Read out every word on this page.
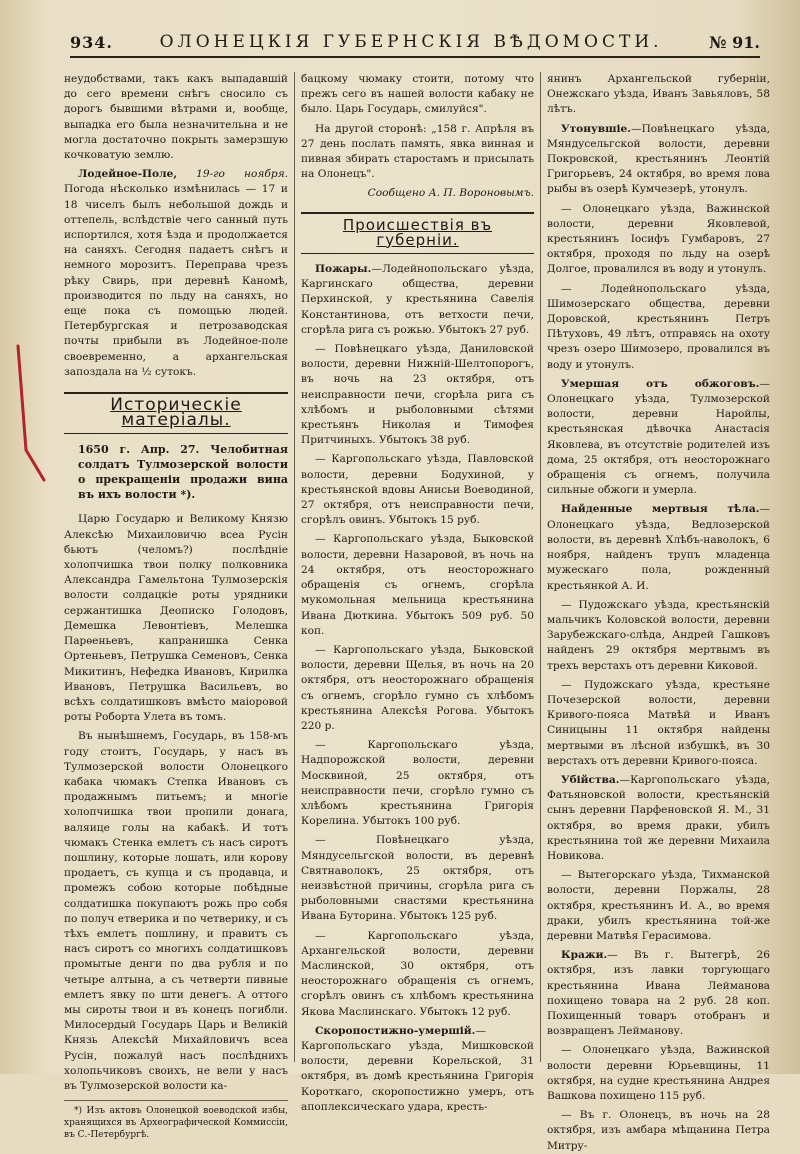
934.	ОЛОНЕЦКІЯ ГУБЕРНСКІЯ ВѢДОМОСТИ.	№ 91.

неудобствами, такъ какъ выпадавшій до сего времени снѣгъ сносило съ дорогъ бывшими вѣтрами и, вообще, выпадка его была незначительна и не могла достаточно покрыть замерзшую кочковатую землю.

Лодейное-Поле, 19-го ноября. Погода нѣсколько измѣнилась — 17 и 18 чиселъ былъ небольшой дождь и оттепель, вслѣдствіе чего санный путь испортился, хотя ѣзда и продолжается на саняхъ. Сегодня падаетъ снѣгъ и немного морозитъ. Переправа чрезъ рѣку Свирь, при деревнѣ Каномѣ, производится по льду на саняхъ, но еще пока съ помощью людей. Петербургская и петрозаводская почты прибыли въ Лодейное-поле своевременно, а архангельская запоздала на ½ сутокъ.

Историческіе матеріалы.

1650 г. Апр. 27. Челобитная солдатъ Тулмозерской волости о прекращеніи продажи вина въ ихъ волости *).

Царю Государю и Великому Князю Алексѣю Михаиловичю всеа Русін бьютъ (челомъ?) послѣдніе холопчишка твои полку полковника Александра Гамельтона Тулмозерскія волости солдацкіе роты урядники сержантишка Деописко Голодовъ, Демешка Левонтіевъ, Мелешка Парѳеньевъ, капранишка Сенка Ортеньевъ, Петрушка Семеновъ, Сенка Микитинъ, Нефедка Ивановъ, Кирилка Ивановъ, Петрушка Васильевъ, во всѣхъ солдатишковъ вмѣсто маіоровой роты Роборта Улета въ томъ.

Въ нынѣшнемъ, Государь, въ 158-мъ году стоитъ, Государь, у насъ въ Тулмозерской волости Олонецкого кабака чюмакъ Степка Ивановъ съ продажнымъ питьемъ; и многіе холопчишка твои пропили донага, валяице голы на кабакѣ. И тотъ чюмакъ Стенка емлетъ съ насъ сиротъ пошлину, которые лошать, или корову продаетъ, съ купца и съ продавца, и промежъ собою которые побѣдные солдатишка покупаютъ рожь про собя по получ етверика и по четверику, и съ тѣхъ емлетъ пошлину, и правитъ съ насъ сиротъ со многихъ солдатишковъ промытые денги по два рубля и по четыре алтына, а съ четверти пивные емлетъ явку по шти денегъ. А оттого мы сироты твои и въ конецъ погибли. Милосердый Государь Царь и Великій Князь Алексѣй Михайловичъ всеа Русін, пожалуй насъ послѣднихъ холопьчиковъ своихъ, не вели у насъ въ Тулмозерской волости ка-

*) Изъ актовъ Олонецкой воеводской избы, хранящихся въ Археографической Коммиссіи, въ С.-Петербургѣ.

бацкому чюмаку стоити, потому что прежъ сего въ нашей волости кабаку не было. Царь Государь, смилуйся".

На другой сторонѣ: „158 г. Апрѣля въ 27 день послать память, явка винная и пивная збирать старостамъ и присылать на Олонецъ".

Сообщено А. П. Вороновымъ.
Происшествія въ губерніи.

Пожары.—Лодейнопольскаго уѣзда, Каргинскаго общества, деревни Перхинской, у крестьянина Савелія Константинова, отъ ветхости печи, сгорѣла рига съ рожью. Убытокъ 27 руб.

— Повѣнецкаго уѣзда, Даниловской волости, деревни Нижній-Шелтопорогъ, въ ночь на 23 октября, отъ неисправности печи, сгорѣла рига съ хлѣбомъ и рыболовными сѣтями крестьянъ Николая и Тимофея Притчиныхъ. Убытокъ 38 руб.

— Каргопольскаго уѣзда, Павловской волости, деревни Бодухиной, у крестьянской вдовы Анисьи Воеводиной, 27 октября, отъ неисправности печи, сгорѣлъ овинъ. Убытокъ 15 руб.

— Каргопольскаго уѣзда, Быковской волости, деревни Назаровой, въ ночь на 24 октября, отъ неосторожнаго обращенія съ огнемъ, сгорѣла мукомольная мельница крестьянина Ивана Дюткина. Убытокъ 509 руб. 50 коп.

— Каргопольскаго уѣзда, Быковской волости, деревни Щелья, въ ночь на 20 октября, отъ неосторожнаго обращенія съ огнемъ, сгорѣло гумно съ хлѣбомъ крестьянина Алексѣя Рогова. Убытокъ 220 р.

— Каргопольскаго уѣзда, Надпорожской волости, деревни Москвиной, 25 октября, отъ неисправности печи, сгорѣло гумно съ хлѣбомъ крестьянина Григорія Корелина. Убытокъ 100 руб.

— Повѣнецкаго уѣзда, Мяндусельгской волости, въ деревнѣ Святнаволокъ, 25 октября, отъ неизвѣстной причины, сгорѣла рига съ рыболовными снастями крестьянина Ивана Буторина. Убытокъ 125 руб.

— Каргопольскаго уѣзда, Архангельской волости, деревни Маслинской, 30 октября, отъ неосторожнаго обращенія съ огнемъ, сгорѣлъ овинъ съ хлѣбомъ крестьянина Якова Маслинскаго. Убытокъ 12 руб.

Скоропостижно-умершій.—Каргопольскаго уѣзда, Мишковской волости, деревни Корельской, 31 октября, въ домѣ крестьянина Григорія Короткаго, скоропостижно умеръ, отъ апоплексическаго удара, кресть-

янинъ Архангельской губерніи, Онежскаго уѣзда, Иванъ Завьяловъ, 58 лѣтъ.

Утонувшіе.—Повѣнецкаго уѣзда, Мяндусельгской волости, деревни Покровской, крестьянинъ Леонтій Григорьевъ, 24 октября, во время лова рыбы въ озерѣ Кумчезерѣ, утонулъ.

— Олонецкаго уѣзда, Важинской волости, деревни Яковлевой, крестьянинъ Іосифъ Гумбаровъ, 27 октября, проходя по льду на озерѣ Долгое, провалился въ воду и утонулъ.

— Лодейнопольскаго уѣзда, Шимозерскаго общества, деревни Доровской, крестьянинъ Петръ Пѣтуховъ, 49 лѣтъ, отправясь на охоту чрезъ озеро Шимозеро, провалился въ воду и утонулъ.

Умершая отъ обжоговъ.—Олонецкаго уѣзда, Тулмозерской волости, деревни Наройлы, крестьянская дѣвочка Анастасія Яковлева, въ отсутствіе родителей изъ дома, 25 октября, отъ неосторожнаго обращенія съ огнемъ, получила сильные обжоги и умерла.

Найденные мертвыя тѣла.—Олонецкаго уѣзда, Ведлозерской волости, въ деревнѣ Хлѣбъ-наволокъ, 6 ноября, найденъ трупъ младенца мужескаго пола, рожденный крестьянкой А. И.

— Пудожскаго уѣзда, крестьянскій мальчикъ Коловской волости, деревни Зарубежскаго-слѣда, Андрей Гашковъ найденъ 29 октября мертвымъ въ трехъ верстахъ отъ деревни Киковой.

— Пудожскаго уѣзда, крестьяне Почезерской волости, деревни Кривого-поясa Матвѣй и Иванъ Синицыны 11 октября найдены мертвыми въ лѣсной избушкѣ, въ 30 верстахъ отъ деревни Кривого-пояса.

Убійства.—Каргопольскаго уѣзда, Фатьяновской волости, крестьянскій сынъ деревни Парфеновской Я. М., 31 октября, во время драки, убилъ крестьянина той же деревни Михаила Новикова.

— Вытегорскаго уѣзда, Тихманской волости, деревни Поржалы, 28 октября, крестьянинъ И. А., во время драки, убилъ крестьянина той-же деревни Матвѣя Герасимова.

Кражи.— Въ г. Вытегрѣ, 26 октября, изъ лавки торгующаго крестьянина Ивана Лейманова похищено товара на 2 руб. 28 коп. Похищенный товаръ отобранъ и возвращенъ Лейманову.

— Олонецкаго уѣзда, Важинской волости деревни Юрьевщины, 11 октября, на судне крестьянина Андрея Вашкова похищено 115 руб.

— Въ г. Олонецъ, въ ночь на 28 октября, изъ амбара мѣщанина Петра Митру-
